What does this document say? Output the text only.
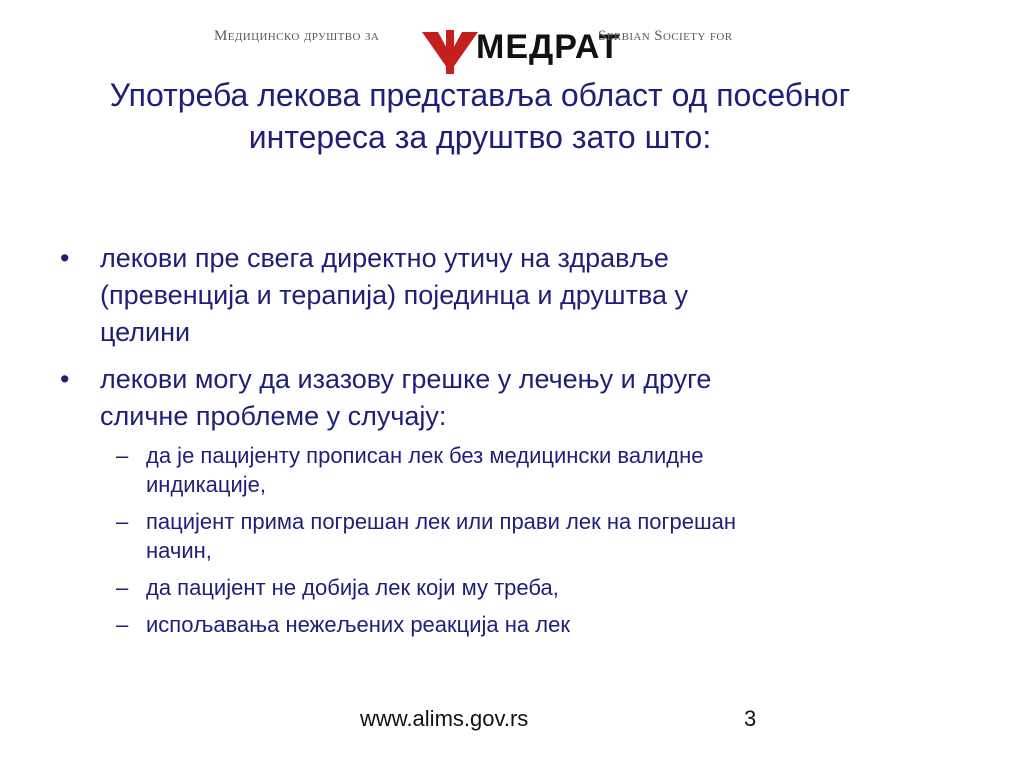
Медицинско друштво за	МЕДРАТ
Serbian Society for
Употреба лекова представља област од посебног
интереса за друштво зато што:
• лекови пре свега директно утичу на здравље
(превенција и терапија) појединца и друштва у
целини
• лекови могу да изазову грешке у лечењу и друге
сличне проблеме у случају:
– да је пацијенту прописан лек без медицински валидне
индикације,
– пацијент прима погрешан лек или прави лек на погрешан
начин,
– да пацијент не добија лек који му треба,
– испољавања нежељених реакција на лек
www.alims.gov.rs	3
